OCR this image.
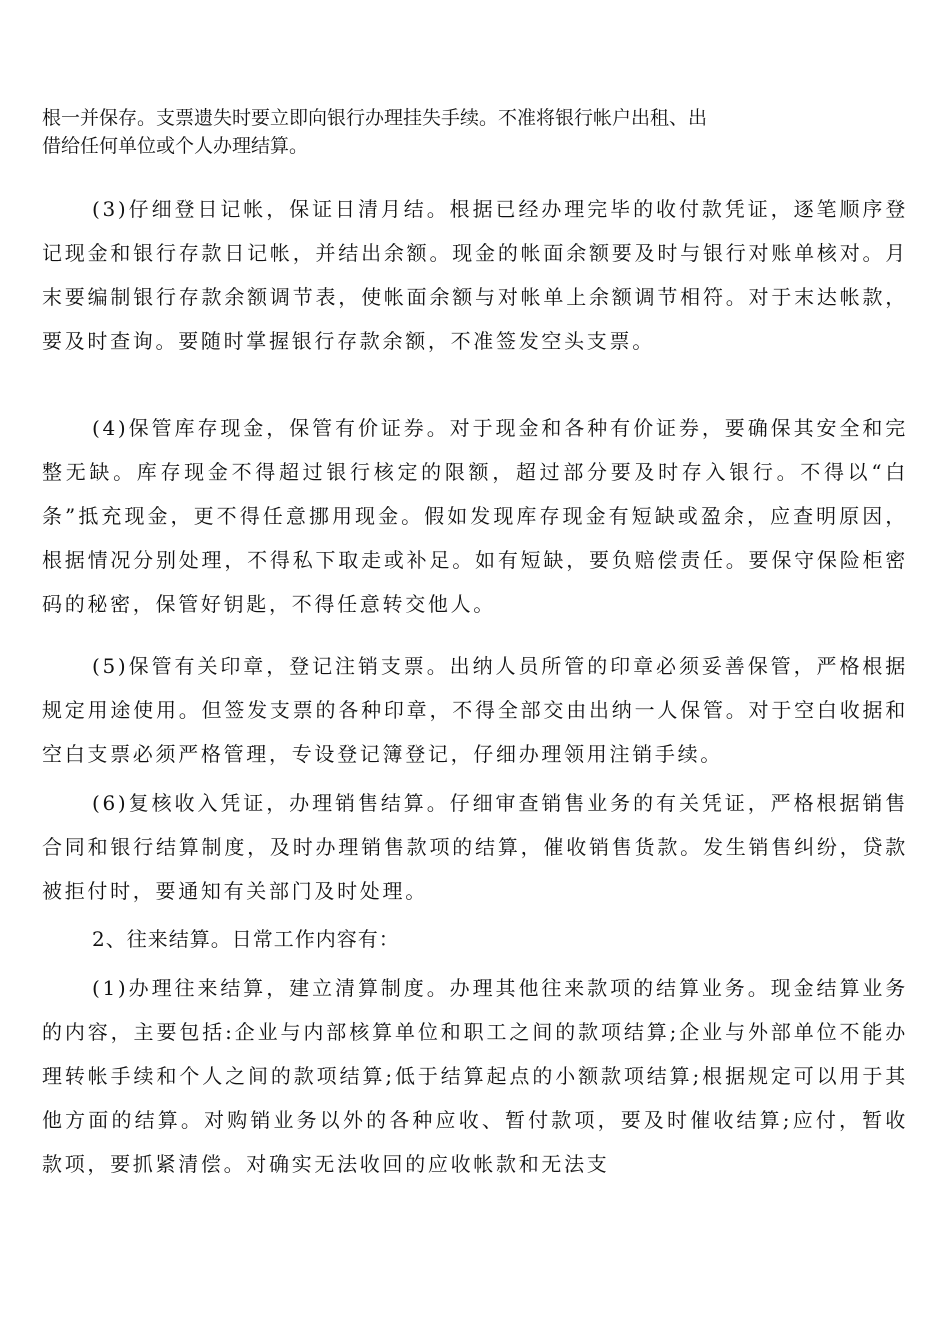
根一并保存。支票遗失时要立即向银行办理挂失手续。不准将银行帐户出租、出
借给任何单位或个人办理结算。

(3)仔细登日记帐，保证日清月结。根据已经办理完毕的收付款凭证，逐笔顺序登记现金和银行存款日记帐，并结出余额。现金的帐面余额要及时与银行对账单核对。月末要编制银行存款余额调节表，使帐面余额与对帐单上余额调节相符。对于末达帐款，要及时查询。要随时掌握银行存款余额，不准签发空头支票。

(4)保管库存现金，保管有价证券。对于现金和各种有价证券，要确保其安全和完整无缺。库存现金不得超过银行核定的限额，超过部分要及时存入银行。不得以“白条”抵充现金，更不得任意挪用现金。假如发现库存现金有短缺或盈余，应查明原因，根据情况分别处理，不得私下取走或补足。如有短缺，要负赔偿责任。要保守保险柜密码的秘密，保管好钥匙，不得任意转交他人。

(5)保管有关印章，登记注销支票。出纳人员所管的印章必须妥善保管，严格根据规定用途使用。但签发支票的各种印章，不得全部交由出纳一人保管。对于空白收据和空白支票必须严格管理，专设登记簿登记，仔细办理领用注销手续。

(6)复核收入凭证，办理销售结算。仔细审查销售业务的有关凭证，严格根据销售合同和银行结算制度，及时办理销售款项的结算，催收销售货款。发生销售纠纷，贷款被拒付时，要通知有关部门及时处理。

2、往来结算。日常工作内容有：

(1)办理往来结算，建立清算制度。办理其他往来款项的结算业务。现金结算业务的内容，主要包括:企业与内部核算单位和职工之间的款项结算;企业与外部单位不能办理转帐手续和个人之间的款项结算;低于结算起点的小额款项结算;根据规定可以用于其他方面的结算。对购销业务以外的各种应收、暂付款项，要及时催收结算;应付，暂收款项，要抓紧清偿。对确实无法收回的应收帐款和无法支
